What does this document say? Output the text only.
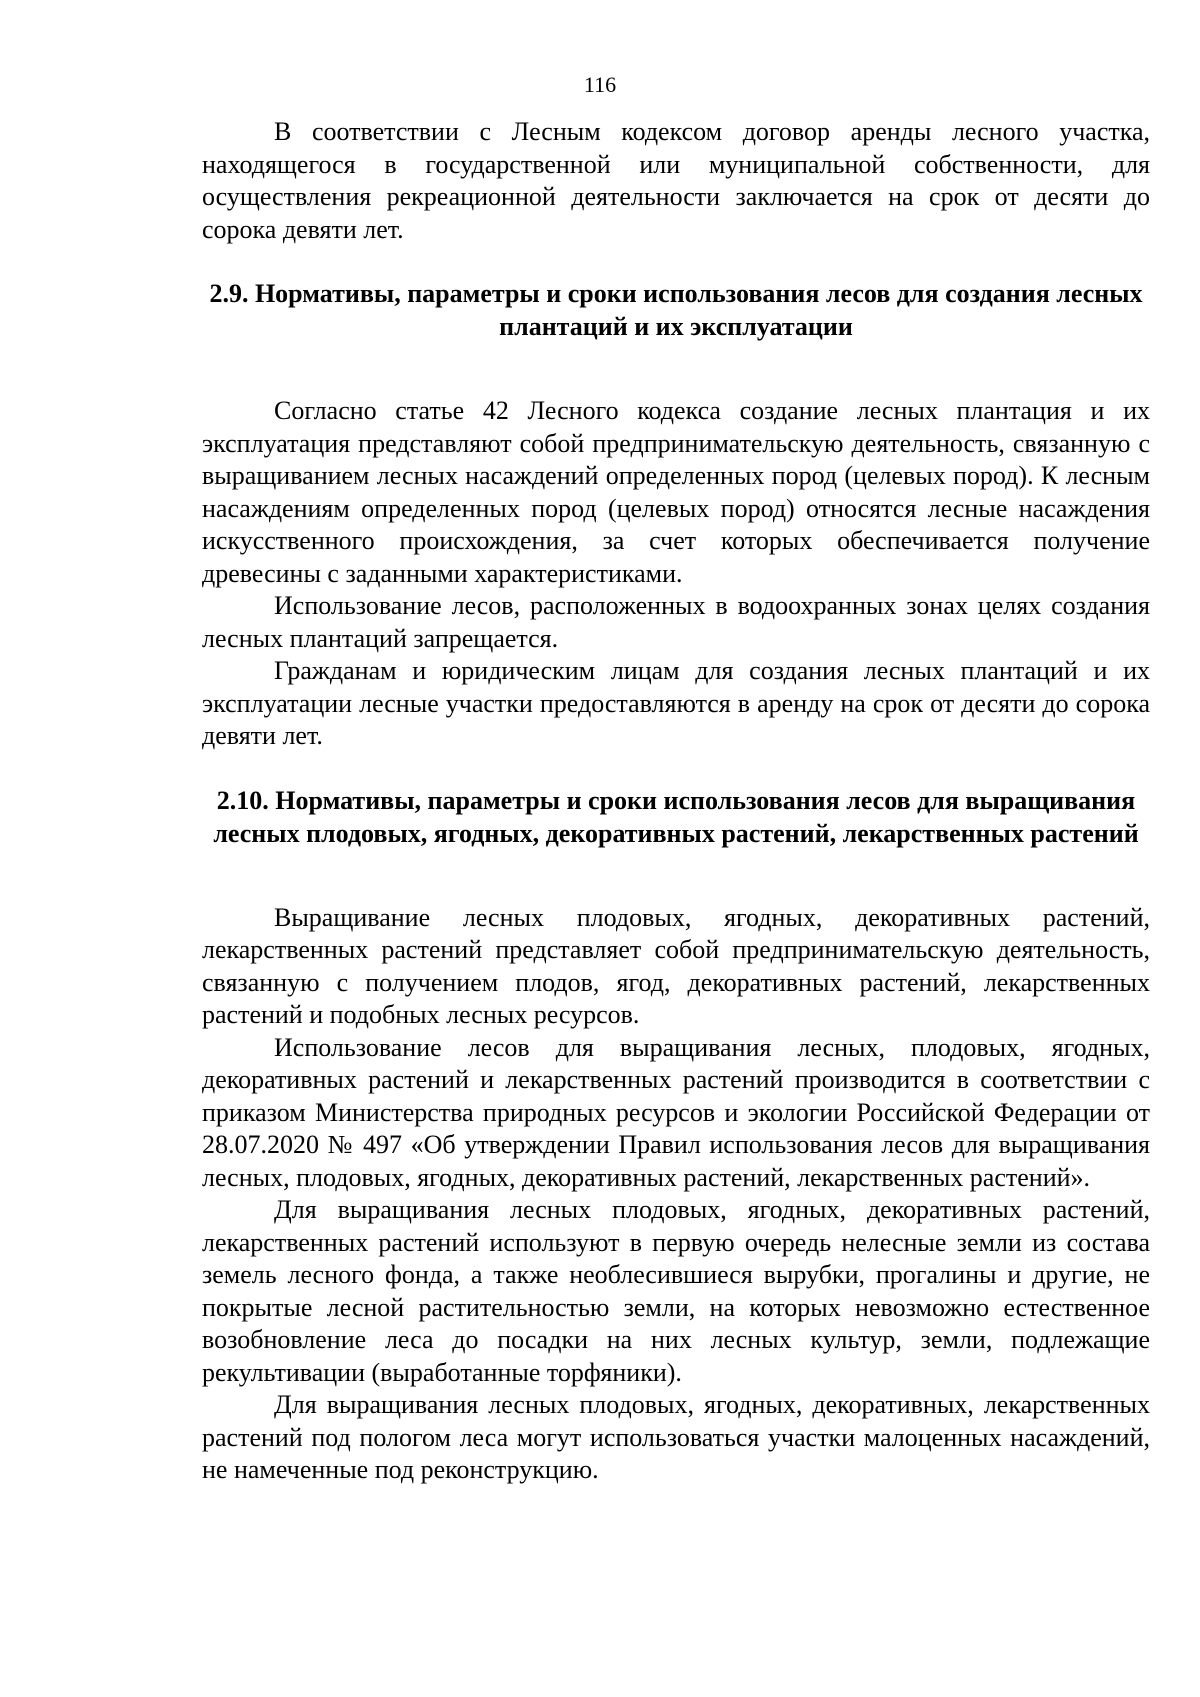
116

В соответствии с Лесным кодексом договор аренды лесного участка, находящегося в государственной или муниципальной собственности, для осуществления рекреационной деятельности заключается на срок от десяти до сорока девяти лет.

2.9. Нормативы, параметры и сроки использования лесов для создания лесных плантаций и их эксплуатации

Согласно статье 42 Лесного кодекса создание лесных плантация и их эксплуатация представляют собой предпринимательскую деятельность, связанную с выращиванием лесных насаждений определенных пород (целевых пород). К лесным насаждениям определенных пород (целевых пород) относятся лесные насаждения искусственного происхождения, за счет которых обеспечивается получение древесины с заданными характеристиками.

Использование лесов, расположенных в водоохранных зонах целях создания лесных плантаций запрещается.

Гражданам и юридическим лицам для создания лесных плантаций и их эксплуатации лесные участки предоставляются в аренду на срок от десяти до сорока девяти лет.

2.10. Нормативы, параметры и сроки использования лесов для выращивания лесных плодовых, ягодных, декоративных растений, лекарственных растений

Выращивание лесных плодовых, ягодных, декоративных растений, лекарственных растений представляет собой предпринимательскую деятельность, связанную с получением плодов, ягод, декоративных растений, лекарственных растений и подобных лесных ресурсов.

Использование лесов для выращивания лесных, плодовых, ягодных, декоративных растений и лекарственных растений производится в соответствии с приказом Министерства природных ресурсов и экологии Российской Федерации от 28.07.2020 № 497 «Об утверждении Правил использования лесов для выращивания лесных, плодовых, ягодных, декоративных растений, лекарственных растений».

Для выращивания лесных плодовых, ягодных, декоративных растений, лекарственных растений используют в первую очередь нелесные земли из состава земель лесного фонда, а также необлесившиеся вырубки, прогалины и другие, не покрытые лесной растительностью земли, на которых невозможно естественное возобновление леса до посадки на них лесных культур, земли, подлежащие рекультивации (выработанные торфяники).

Для выращивания лесных плодовых, ягодных, декоративных, лекарственных растений под пологом леса могут использоваться участки малоценных насаждений, не намеченные под реконструкцию.
